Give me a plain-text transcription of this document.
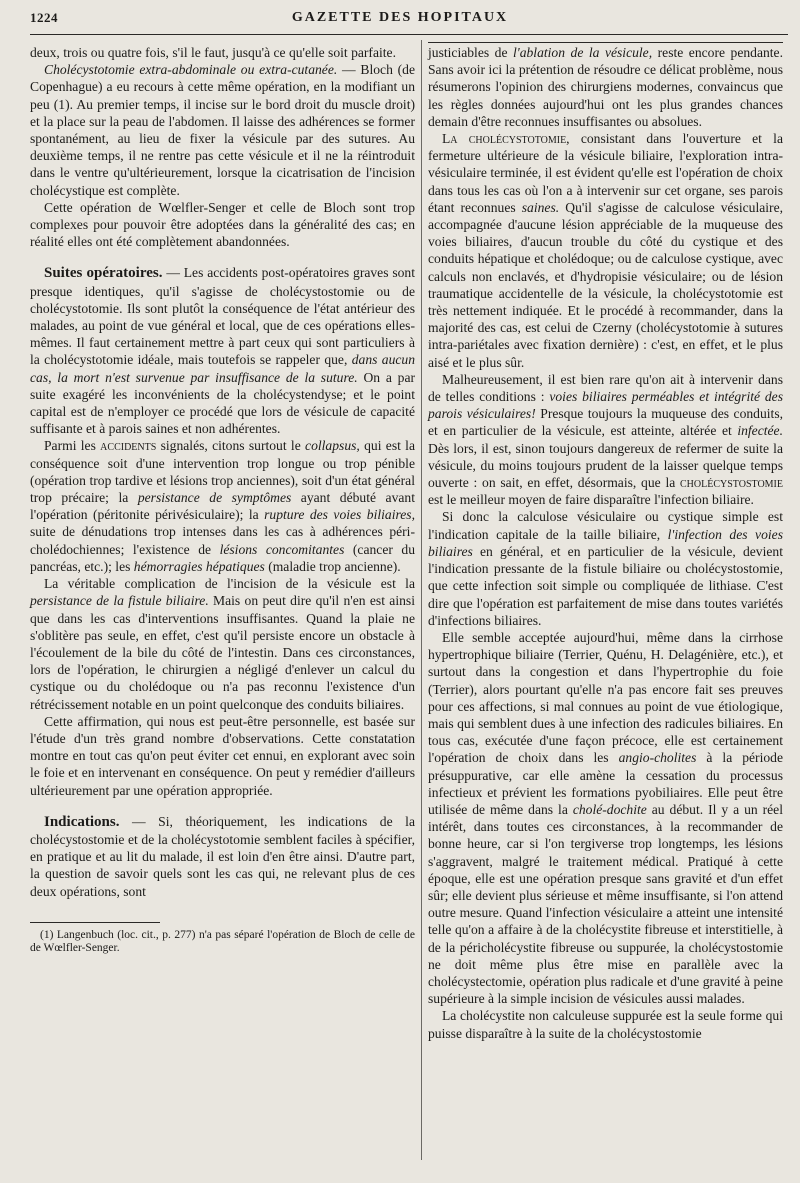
1224	GAZETTE DES HOPITAUX

deux, trois ou quatre fois, s'il le faut, jusqu'à ce qu'elle soit parfaite.

Cholécystotomie extra-abdominale ou extra-cutanée. — Bloch (de Copenhague) a eu recours à cette même opération, en la modifiant un peu (1). Au premier temps, il incise sur le bord droit du muscle droit) et la place sur la peau de l'abdomen. Il laisse des adhérences se former spontanément, au lieu de fixer la vésicule par des sutures. Au deuxième temps, il ne rentre pas cette vésicule et il ne la réintroduit dans le ventre qu'ultérieurement, lorsque la cicatrisation de l'incision cholécystique est complète.

Cette opération de Wœlfler-Senger et celle de Bloch sont trop complexes pour pouvoir être adoptées dans la généralité des cas; en réalité elles ont été complètement abandonnées.

Suites opératoires. — Les accidents post-opératoires graves sont presque identiques, qu'il s'agisse de cholécystostomie ou de cholécystotomie. Ils sont plutôt la conséquence de l'état antérieur des malades, au point de vue général et local, que de ces opérations elles-mêmes. Il faut certainement mettre à part ceux qui sont particuliers à la cholécystotomie idéale, mais toutefois se rappeler que, dans aucun cas, la mort n'est survenue par insuffisance de la suture. On a par suite exagéré les inconvénients de la cholécystendyse; et le point capital est de n'employer ce procédé que lors de vésicule de capacité suffisante et à parois saines et non adhérentes.

Parmi les accidents signalés, citons surtout le collapsus, qui est la conséquence soit d'une intervention trop longue ou trop pénible (opération trop tardive et lésions trop anciennes), soit d'un état général trop précaire; la persistance de symptômes ayant débuté avant l'opération (péritonite périvésiculaire); la rupture des voies biliaires, suite de dénudations trop intenses dans les cas à adhérences péri-cholédochiennes; l'existence de lésions concomitantes (cancer du pancréas, etc.); les hémorragies hépatiques (maladie trop ancienne).

La véritable complication de l'incision de la vésicule est la persistance de la fistule biliaire. Mais on peut dire qu'il n'en est ainsi que dans les cas d'interventions insuffisantes. Quand la plaie ne s'oblitère pas seule, en effet, c'est qu'il persiste encore un obstacle à l'écoulement de la bile du côté de l'intestin. Dans ces circonstances, lors de l'opération, le chirurgien a négligé d'enlever un calcul du cystique ou du cholédoque ou n'a pas reconnu l'existence d'un rétrécissement notable en un point quelconque des conduits biliaires.

Cette affirmation, qui nous est peut-être personnelle, est basée sur l'étude d'un très grand nombre d'observations. Cette constatation montre en tout cas qu'on peut éviter cet ennui, en explorant avec soin le foie et en intervenant en conséquence. On peut y remédier d'ailleurs ultérieurement par une opération appropriée.

Indications. — Si, théoriquement, les indications de la cholécystostomie et de la cholécystotomie semblent faciles à spécifier, en pratique et au lit du malade, il est loin d'en être ainsi. D'autre part, la question de savoir quels sont les cas qui, ne relevant plus de ces deux opérations, sont

(1) Langenbuch (loc. cit., p. 277) n'a pas séparé l'opération de Bloch de celle de de Wœlfler-Senger.

justiciables de l'ablation de la vésicule, reste encore pendante. Sans avoir ici la prétention de résoudre ce délicat problème, nous résumerons l'opinion des chirurgiens modernes, convaincus que les règles données aujourd'hui ont les plus grandes chances demain d'être reconnues insuffisantes ou absolues.

La cholécystotomie, consistant dans l'ouverture et la fermeture ultérieure de la vésicule biliaire, l'exploration intra-vésiculaire terminée, il est évident qu'elle est l'opération de choix dans tous les cas où l'on a à intervenir sur cet organe, ses parois étant reconnues saines. Qu'il s'agisse de calculose vésiculaire, accompagnée d'aucune lésion appréciable de la muqueuse des voies biliaires, d'aucun trouble du côté du cystique et des conduits hépatique et cholédoque; ou de calculose cystique, avec calculs non enclavés, et d'hydropisie vésiculaire; ou de lésion traumatique accidentelle de la vésicule, la cholécystotomie est très nettement indiquée. Et le procédé à recommander, dans la majorité des cas, est celui de Czerny (cholécystotomie à sutures intra-pariétales avec fixation dernière) : c'est, en effet, et le plus aisé et le plus sûr.

Malheureusement, il est bien rare qu'on ait à intervenir dans de telles conditions : voies biliaires perméables et intégrité des parois vésiculaires! Presque toujours la muqueuse des conduits, et en particulier de la vésicule, est atteinte, altérée et infectée. Dès lors, il est, sinon toujours dangereux de refermer de suite la vésicule, du moins toujours prudent de la laisser quelque temps ouverte : on sait, en effet, désormais, que la cholécystostomie est le meilleur moyen de faire disparaître l'infection biliaire.

Si donc la calculose vésiculaire ou cystique simple est l'indication capitale de la taille biliaire, l'infection des voies biliaires en général, et en particulier de la vésicule, devient l'indication pressante de la fistule biliaire ou cholécystostomie, que cette infection soit simple ou compliquée de lithiase. C'est dire que l'opération est parfaitement de mise dans toutes variétés d'infections biliaires.

Elle semble acceptée aujourd'hui, même dans la cirrhose hypertrophique biliaire (Terrier, Quénu, H. Delagénière, etc.), et surtout dans la congestion et dans l'hypertrophie du foie (Terrier), alors pourtant qu'elle n'a pas encore fait ses preuves pour ces affections, si mal connues au point de vue étiologique, mais qui semblent dues à une infection des radicules biliaires. En tous cas, exécutée d'une façon précoce, elle est certainement l'opération de choix dans les angio-cholites à la période présuppurative, car elle amène la cessation du processus infectieux et prévient les formations pyobiliaires. Elle peut être utilisée de même dans la cholé-dochite au début. Il y a un réel intérêt, dans toutes ces circonstances, à la recommander de bonne heure, car si l'on tergiverse trop longtemps, les lésions s'aggravent, malgré le traitement médical. Pratiqué à cette époque, elle est une opération presque sans gravité et d'un effet sûr; elle devient plus sérieuse et même insuffisante, si l'on attend outre mesure. Quand l'infection vésiculaire a atteint une intensité telle qu'on a affaire à de la cholécystite fibreuse et interstitielle, à de la péricholécystite fibreuse ou suppurée, la cholécystostomie ne doit même plus être mise en parallèle avec la cholécystectomie, opération plus radicale et d'une gravité à peine supérieure à la simple incision de vésicules aussi malades.

La cholécystite non calculeuse suppurée est la seule forme qui puisse disparaître à la suite de la cholécystostomie
